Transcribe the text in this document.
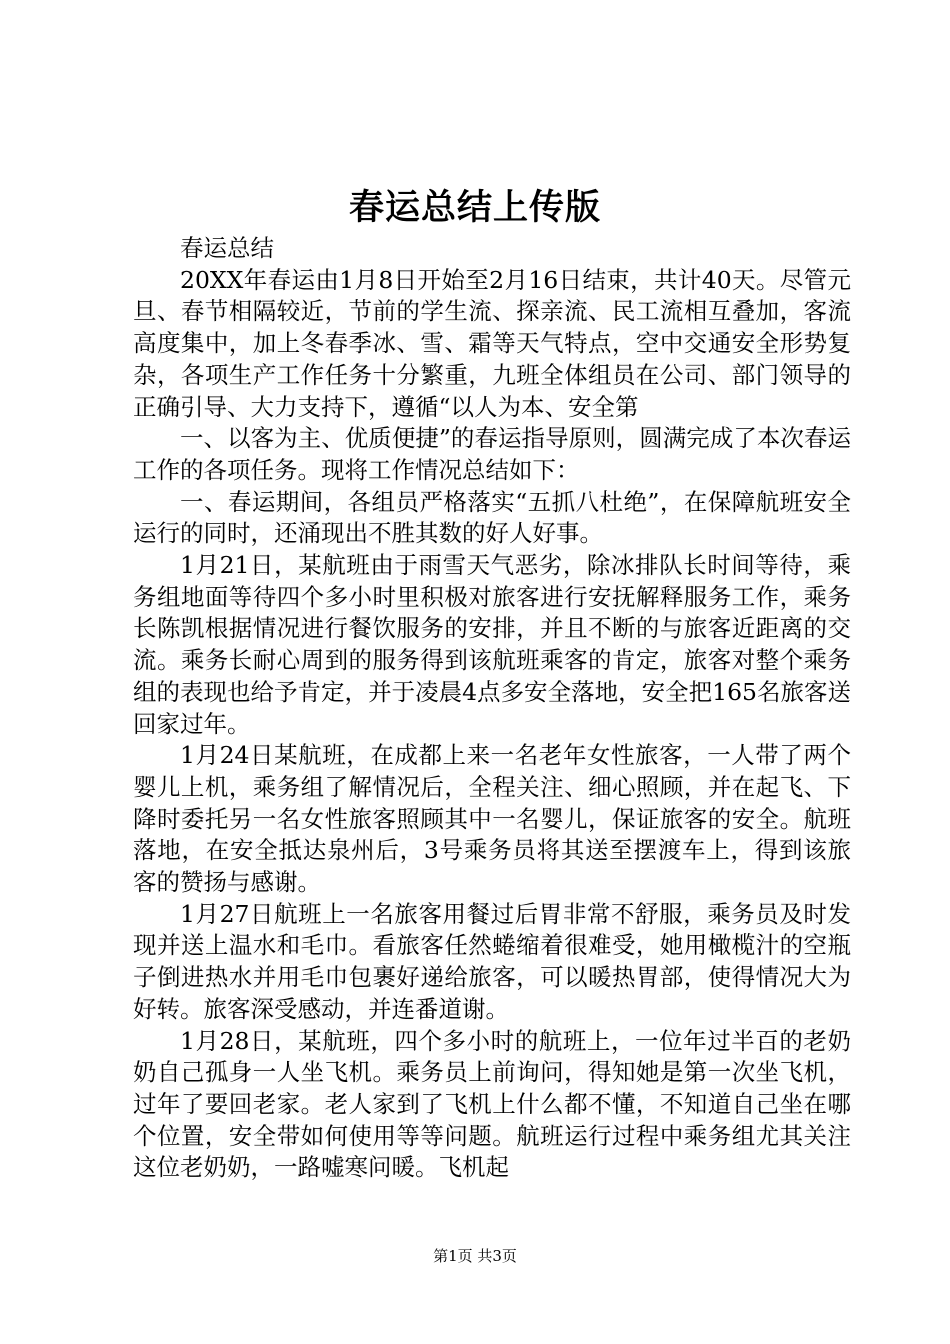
春运总结上传版

春运总结

20XX年春运由1月8日开始至2月16日结束，共计40天。尽管元旦、春节相隔较近，节前的学生流、探亲流、民工流相互叠加，客流高度集中，加上冬春季冰、雪、霜等天气特点，空中交通安全形势复杂，各项生产工作任务十分繁重，九班全体组员在公司、部门领导的正确引导、大力支持下，遵循“以人为本、安全第

一、以客为主、优质便捷”的春运指导原则，圆满完成了本次春运工作的各项任务。现将工作情况总结如下：

一、春运期间，各组员严格落实“五抓八杜绝”，在保障航班安全运行的同时，还涌现出不胜其数的好人好事。

1月21日，某航班由于雨雪天气恶劣，除冰排队长时间等待，乘务组地面等待四个多小时里积极对旅客进行安抚解释服务工作，乘务长陈凯根据情况进行餐饮服务的安排，并且不断的与旅客近距离的交流。乘务长耐心周到的服务得到该航班乘客的肯定，旅客对整个乘务组的表现也给予肯定，并于凌晨4点多安全落地，安全把165名旅客送回家过年。

1月24日某航班，在成都上来一名老年女性旅客，一人带了两个婴儿上机，乘务组了解情况后，全程关注、细心照顾，并在起飞、下降时委托另一名女性旅客照顾其中一名婴儿，保证旅客的安全。航班落地，在安全抵达泉州后，3号乘务员将其送至摆渡车上，得到该旅客的赞扬与感谢。

1月27日航班上一名旅客用餐过后胃非常不舒服，乘务员及时发现并送上温水和毛巾。看旅客任然蜷缩着很难受，她用橄榄汁的空瓶子倒进热水并用毛巾包裹好递给旅客，可以暖热胃部，使得情况大为好转。旅客深受感动，并连番道谢。

1月28日，某航班，四个多小时的航班上，一位年过半百的老奶奶自己孤身一人坐飞机。乘务员上前询问，得知她是第一次坐飞机，过年了要回老家。老人家到了飞机上什么都不懂，不知道自己坐在哪个位置，安全带如何使用等等问题。航班运行过程中乘务组尤其关注这位老奶奶，一路嘘寒问暖。飞机起

第1页 共3页
